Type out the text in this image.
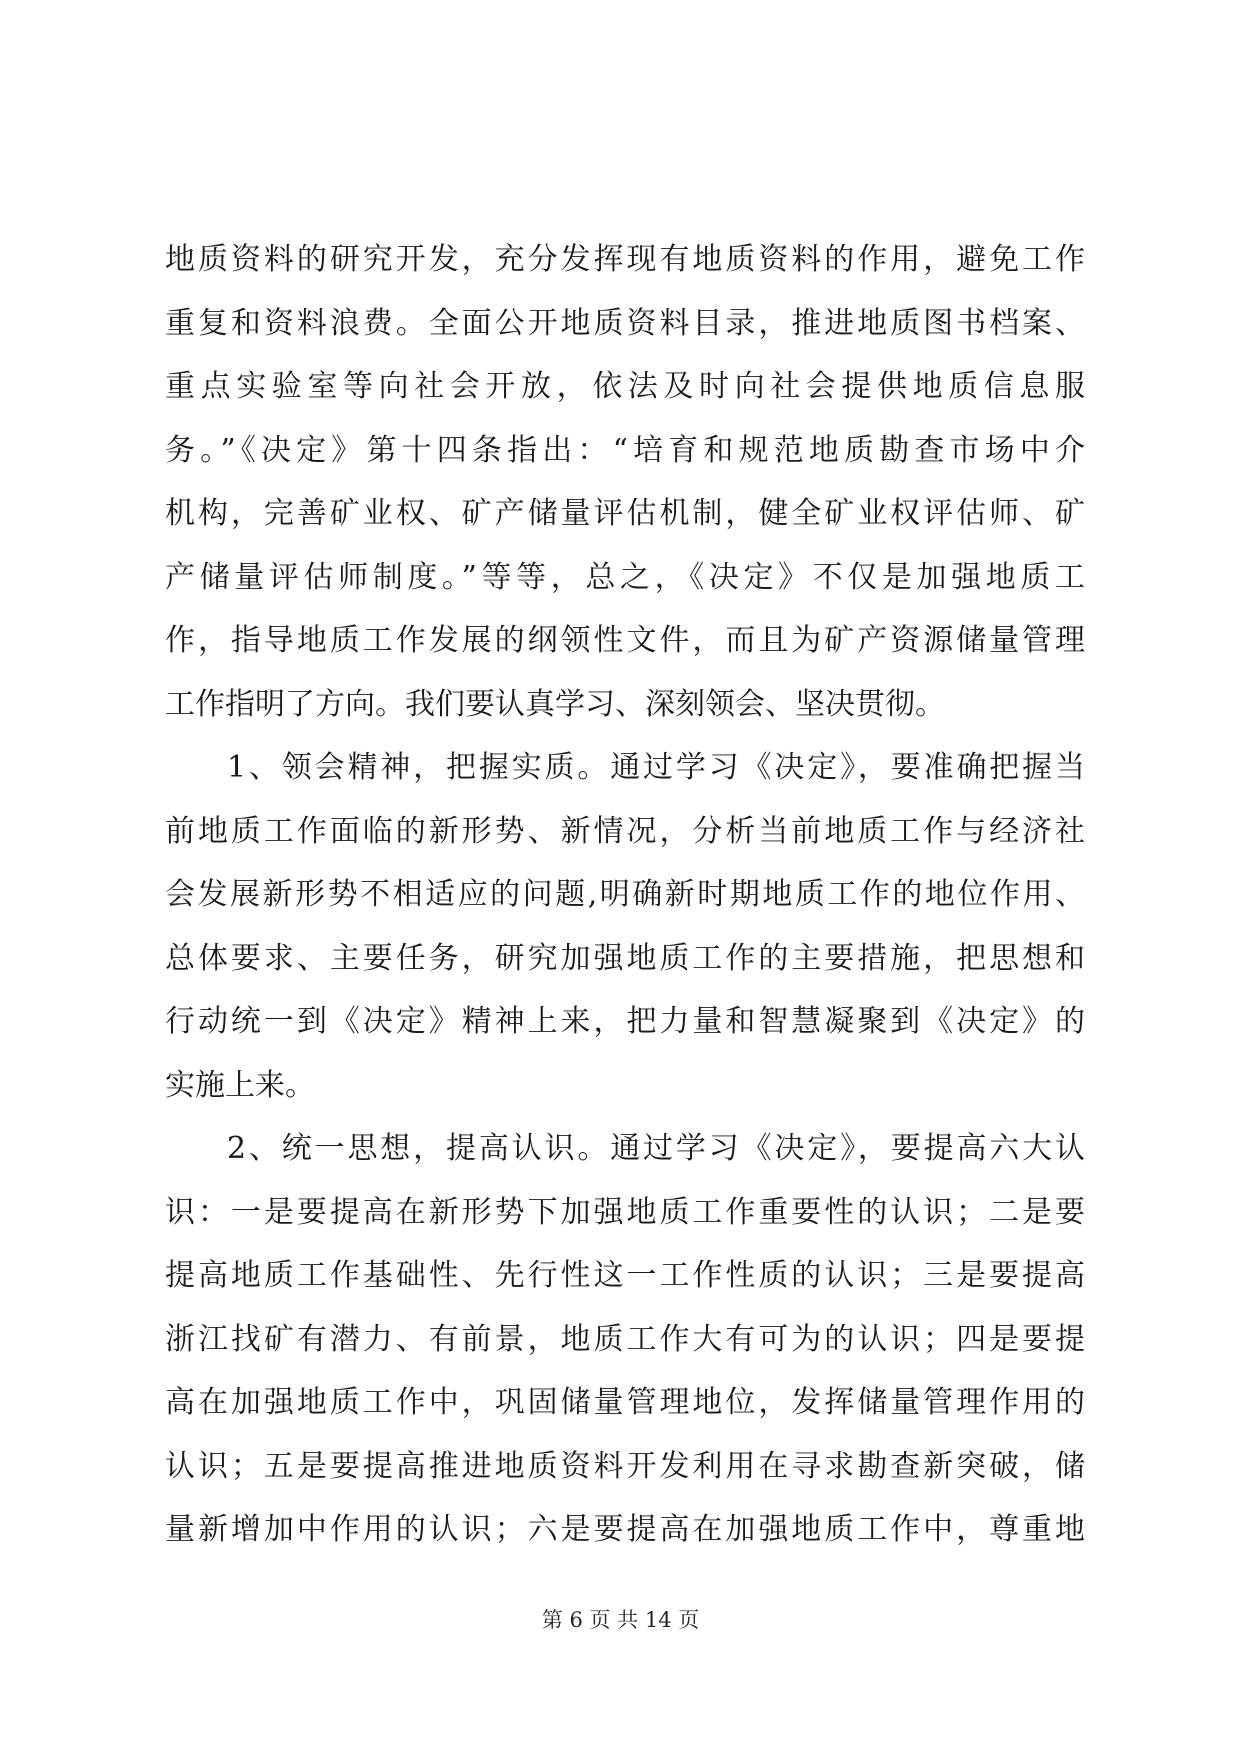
地质资料的研究开发，充分发挥现有地质资料的作用，避免工作
重复和资料浪费。全面公开地质资料目录，推进地质图书档案、
重点实验室等向社会开放，依法及时向社会提供地质信息服
务。”《决定》第十四条指出：“培育和规范地质勘查市场中介
机构，完善矿业权、矿产储量评估机制，健全矿业权评估师、矿
产储量评估师制度。”等等，总之，《决定》不仅是加强地质工
作，指导地质工作发展的纲领性文件，而且为矿产资源储量管理
工作指明了方向。我们要认真学习、深刻领会、坚决贯彻。
1、领会精神，把握实质。通过学习《决定》，要准确把握当
前地质工作面临的新形势、新情况，分析当前地质工作与经济社
会发展新形势不相适应的问题,明确新时期地质工作的地位作用、
总体要求、主要任务，研究加强地质工作的主要措施，把思想和
行动统一到《决定》精神上来，把力量和智慧凝聚到《决定》的
实施上来。
2、统一思想，提高认识。通过学习《决定》，要提高六大认
识：一是要提高在新形势下加强地质工作重要性的认识；二是要
提高地质工作基础性、先行性这一工作性质的认识；三是要提高
浙江找矿有潜力、有前景，地质工作大有可为的认识；四是要提
高在加强地质工作中，巩固储量管理地位，发挥储量管理作用的
认识；五是要提高推进地质资料开发利用在寻求勘查新突破，储
量新增加中作用的认识；六是要提高在加强地质工作中，尊重地
第 6 页 共 14 页
